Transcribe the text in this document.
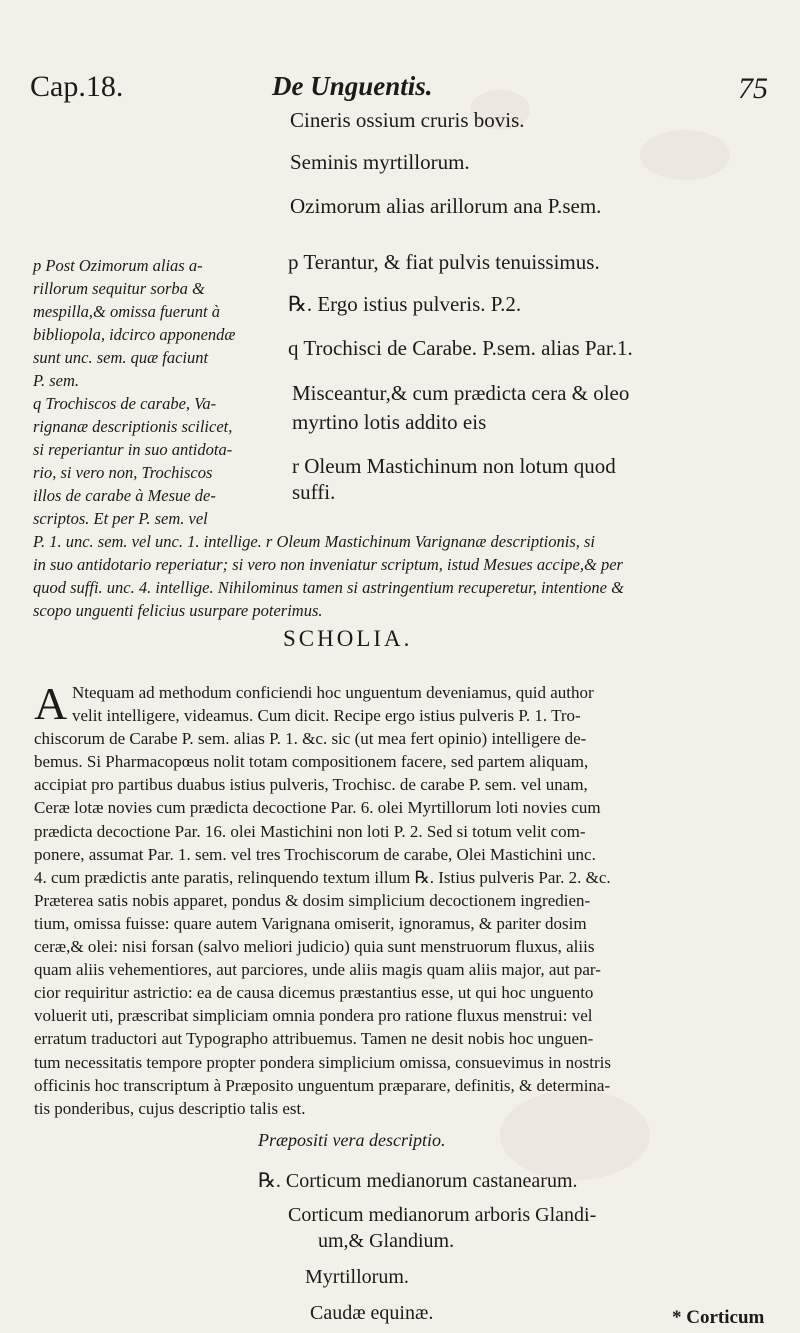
Cap.18.	De Unguentis.	75
Cineris ossium cruris bovis.
Seminis myrtillorum.
Ozimorum alias arillorum ana P.sem.
p Terantur, & fiat pulvis tenuissimus.
℞. Ergo istius pulveris. P.2.
q Trochisci de Carabe. P.sem. alias Par.1.
Misceantur,& cum prædicta cera & oleo
myrtino lotis addito eis
r Oleum Mastichinum non lotum quod
suffi.
p Post Ozimorum alias a-
rillorum sequitur sorba &
mespilla,& omissa fuerunt à
bibliopola, idcirco apponendæ
sunt unc. sem. quæ faciunt
P. sem.
q Trochiscos de carabe, Va-
rignanæ descriptionis scilicet,
si reperiantur in suo antidota-
rio, si vero non, Trochiscos
illos de carabe à Mesue de-
scriptos. Et per P. sem. vel
P. 1. unc. sem. vel unc. 1. intellige. r Oleum Mastichinum Varignanæ descriptionis, si
in suo antidotario reperiatur; si vero non inveniatur scriptum, istud Mesues accipe,& per
quod suffi. unc. 4. intellige. Nihilominus tamen si astringentium recuperetur, intentione &
scopo unguenti felicius usurpare poterimus.
SCHOLIA.
A Ntequam ad methodum conficiendi hoc unguentum deveniamus, quid author
velit intelligere, videamus. Cum dicit. Recipe ergo istius pulveris P. 1. Tro-
chiscorum de Carabe P. sem. alias P. 1. &c. sic (ut mea fert opinio) intelligere de-
bemus. Si Pharmacopœus nolit totam compositionem facere, sed partem aliquam,
accipiat pro partibus duabus istius pulveris, Trochisc. de carabe P. sem. vel unam,
Ceræ lotæ novies cum prædicta decoctione Par. 6. olei Myrtillorum loti novies cum
prædicta decoctione Par. 16. olei Mastichini non loti P. 2. Sed si totum velit com-
ponere, assumat Par. 1. sem. vel tres Trochiscorum de carabe, Olei Mastichini unc.
4. cum prædictis ante paratis, relinquendo textum illum ℞. Istius pulveris Par. 2. &c.
Præterea satis nobis apparet, pondus & dosim simplicium decoctionem ingredien-
tium, omissa fuisse: quare autem Varignana omiserit, ignoramus, & pariter dosim
ceræ,& olei: nisi forsan (salvo meliori judicio) quia sunt menstruorum fluxus, aliis
quam aliis vehementiores, aut parciores, unde aliis magis quam aliis major, aut par-
cior requiritur astrictio: ea de causa dicemus præstantius esse, ut qui hoc unguento
voluerit uti, præscribat simpliciam omnia pondera pro ratione fluxus menstrui: vel
erratum traductori aut Typographo attribuemus. Tamen ne desit nobis hoc unguen-
tum necessitatis tempore propter pondera simplicium omissa, consuevimus in nostris
officinis hoc transcriptum à Præposito unguentum præparare, definitis, & determina-
tis ponderibus, cujus descriptio talis est.
Præpositi vera descriptio.
℞. Corticum medianorum castanearum.
Corticum medianorum arboris Glandi-
um,& Glandium.
Myrtillorum.
Caudæ equinæ.	* Corticum
